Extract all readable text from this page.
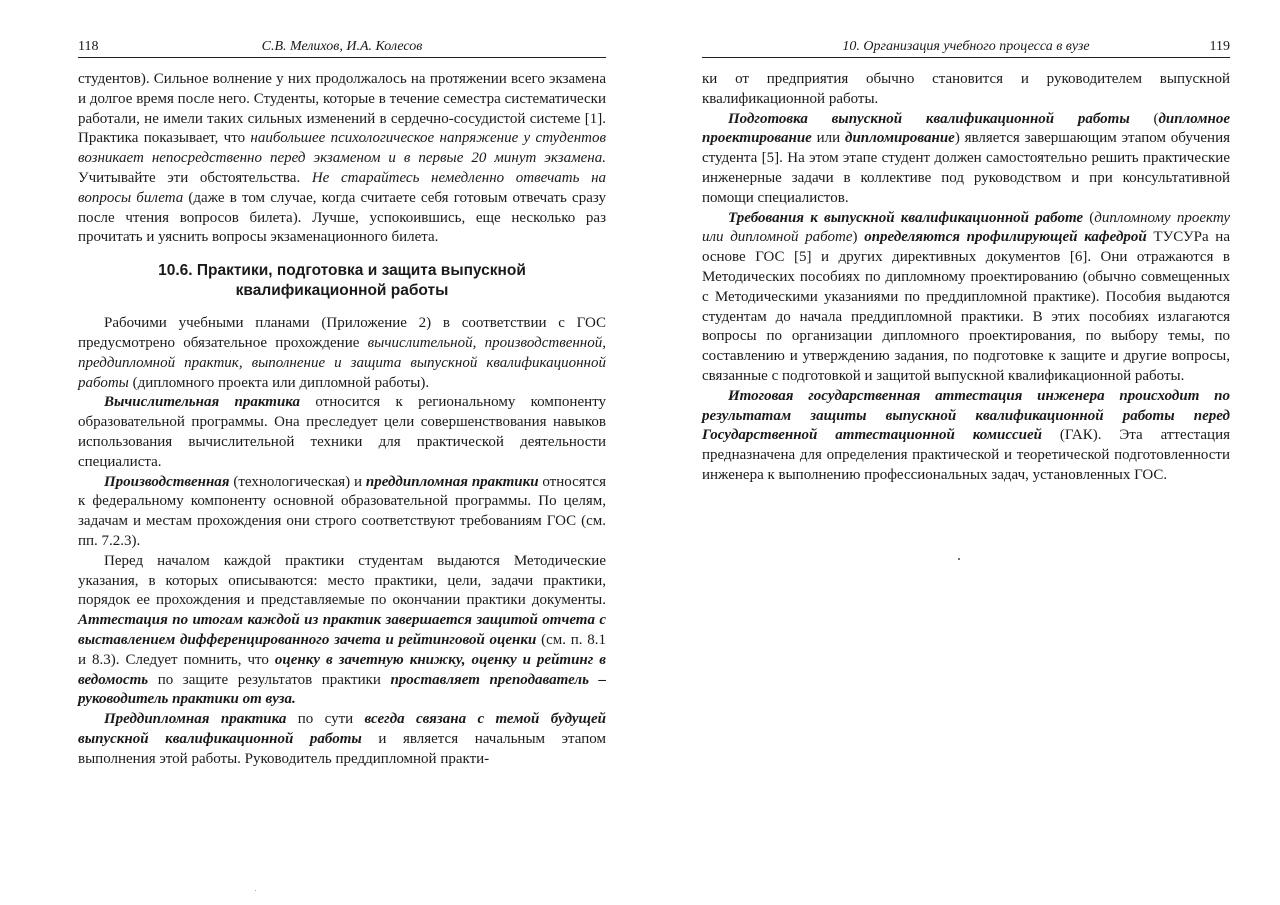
118	С.В. Мелихов, И.А. Колесов

студентов). Сильное волнение у них продолжалось на протяжении всего экзамена и долгое время после него. Студенты, которые в течение семестра систематически работали, не имели таких сильных изменений в сердечно-сосудистой системе [1]. Практика показывает, что наибольшее психологическое напряжение у студентов возникает непосредственно перед экзаменом и в первые 20 минут экзамена. Учитывайте эти обстоятельства. Не старайтесь немедленно отвечать на вопросы билета (даже в том случае, когда считаете себя готовым отвечать сразу после чтения вопросов билета). Лучше, успокоившись, еще несколько раз прочитать и уяснить вопросы экзаменационного билета.

10.6. Практики, подготовка и защита выпускной
квалификационной работы

Рабочими учебными планами (Приложение 2) в соответствии с ГОС предусмотрено обязательное прохождение вычислительной, производственной, преддипломной практик, выполнение и защита выпускной квалификационной работы (дипломного проекта или дипломной работы).

Вычислительная практика относится к региональному компоненту образовательной программы. Она преследует цели совершенствования навыков использования вычислительной техники для практической деятельности специалиста.

Производственная (технологическая) и преддипломная практики относятся к федеральному компоненту основной образовательной программы. По целям, задачам и местам прохождения они строго соответствуют требованиям ГОС (см. пп. 7.2.3).

Перед началом каждой практики студентам выдаются Методические указания, в которых описываются: место практики, цели, задачи практики, порядок ее прохождения и представляемые по окончании практики документы. Аттестация по итогам каждой из практик завершается защитой отчета с выставлением дифференцированного зачета и рейтинговой оценки (см. п. 8.1 и 8.3). Следует помнить, что оценку в зачетную книжку, оценку и рейтинг в ведомость по защите результатов практики проставляет преподаватель – руководитель практики от вуза.

Преддипломная практика по сути всегда связана с темой будущей выпускной квалификационной работы и является начальным этапом выполнения этой работы. Руководитель преддипломной практи-

10. Организация учебного процесса в вузе	119

ки от предприятия обычно становится и руководителем выпускной квалификационной работы.

Подготовка выпускной квалификационной работы (дипломное проектирование или дипломирование) является завершающим этапом обучения студента [5]. На этом этапе студент должен самостоятельно решить практические инженерные задачи в коллективе под руководством и при консультативной помощи специалистов.

Требования к выпускной квалификационной работе (дипломному проекту или дипломной работе) определяются профилирующей кафедрой ТУСУРа на основе ГОС [5] и других директивных документов [6]. Они отражаются в Методических пособиях по дипломному проектированию (обычно совмещенных с Методическими указаниями по преддипломной практике). Пособия выдаются студентам до начала преддипломной практики. В этих пособиях излагаются вопросы по организации дипломного проектирования, по выбору темы, по составлению и утверждению задания, по подготовке к защите и другие вопросы, связанные с подготовкой и защитой выпускной квалификационной работы.

Итоговая государственная аттестация инженера происходит по результатам защиты выпускной квалификационной работы перед Государственной аттестационной комиссией (ГАК). Эта аттестация предназначена для определения практической и теоретической подготовленности инженера к выполнению профессиональных задач, установленных ГОС.
